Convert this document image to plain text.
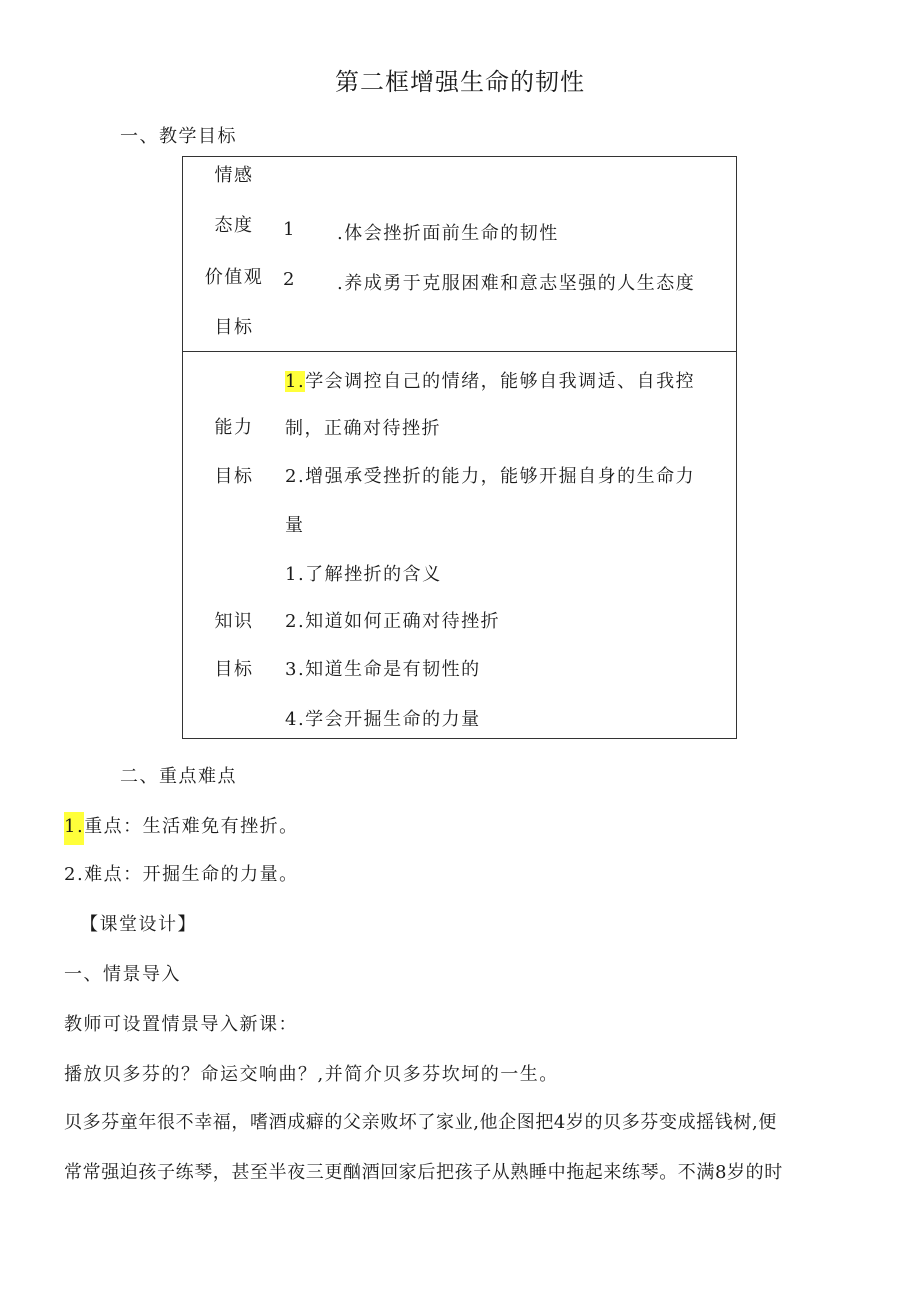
第二框增强生命的韧性
一、教学目标
情感
态度
价值观
目标
1 .体会挫折面前生命的韧性
2 .养成勇于克服困难和意志坚强的人生态度
能力
目标
1.学会调控自己的情绪，能够自我调适、自我控
制，正确对待挫折
2.增强承受挫折的能力，能够开掘自身的生命力
量
知识
目标
1.了解挫折的含义
2.知道如何正确对待挫折
3.知道生命是有韧性的
4.学会开掘生命的力量
二、重点难点
1.重点：生活难免有挫折。
2.难点：开掘生命的力量。
【课堂设计】
一、情景导入
教师可设置情景导入新课：
播放贝多芬的？命运交响曲？,并简介贝多芬坎坷的一生。
贝多芬童年很不幸福，嗜酒成癖的父亲败坏了家业,他企图把4岁的贝多芬变成摇钱树,便
常常强迫孩子练琴，甚至半夜三更酗酒回家后把孩子从熟睡中拖起来练琴。不满8岁的时
